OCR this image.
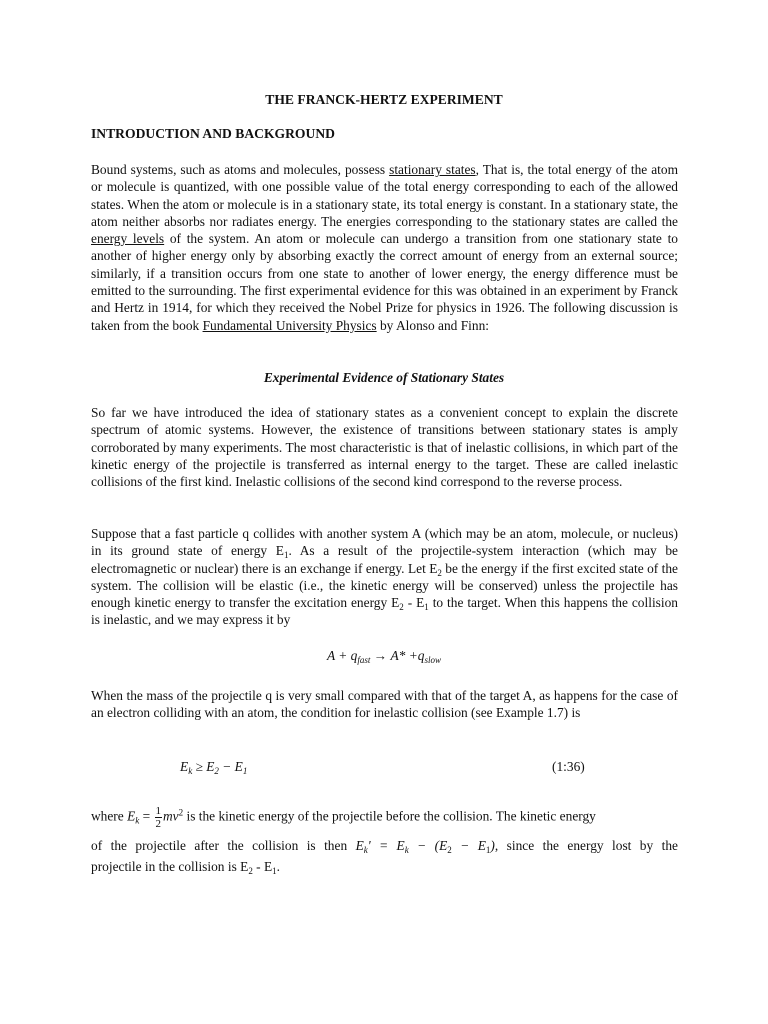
THE FRANCK-HERTZ EXPERIMENT
INTRODUCTION AND BACKGROUND

Bound systems, such as atoms and molecules, possess stationary states, That is, the total energy of the atom or molecule is quantized, with one possible value of the total energy corresponding to each of the allowed states. When the atom or molecule is in a stationary state, its total energy is constant. In a stationary state, the atom neither absorbs nor radiates energy. The energies corresponding to the stationary states are called the energy levels of the system. An atom or molecule can undergo a transition from one stationary state to another of higher energy only by absorbing exactly the correct amount of energy from an external source; similarly, if a transition occurs from one state to another of lower energy, the energy difference must be emitted to the surrounding. The first experimental evidence for this was obtained in an experiment by Franck and Hertz in 1914, for which they received the Nobel Prize for physics in 1926. The following discussion is taken from the book Fundamental University Physics by Alonso and Finn:

Experimental Evidence of Stationary States

So far we have introduced the idea of stationary states as a convenient concept to explain the discrete spectrum of atomic systems. However, the existence of transitions between stationary states is amply corroborated by many experiments. The most characteristic is that of inelastic collisions, in which part of the kinetic energy of the projectile is transferred as internal energy to the target. These are called inelastic collisions of the first kind. Inelastic collisions of the second kind correspond to the reverse process.

Suppose that a fast particle q collides with another system A (which may be an atom, molecule, or nucleus) in its ground state of energy $E_1$. As a result of the projectile-system interaction (which may be electromagnetic or nuclear) there is an exchange if energy. Let $E_2$ be the energy if the first excited state of the system. The collision will be elastic (i.e., the kinetic energy will be conserved) unless the projectile has enough kinetic energy to transfer the excitation energy $E_2 - E_1$ to the target. When this happens the collision is inelastic, and we may express it by

$A + q_{fast} \to A* +q_{slow}$

When the mass of the projectile q is very small compared with that of the target A, as happens for the case of an electron colliding with an atom, the condition for inelastic collision (see Example 1.7) is

$E_k \ge E_2 - E_1$	(1:36)
where $E_k = \frac{1}{2} mv^2$ is the kinetic energy of the projectile before the collision. The kinetic energy
of the projectile after the collision is then $E_k' = E_k - (E_2 - E_1)$, since the energy lost by the
projectile in the collision is $E_2 - E_1$.
